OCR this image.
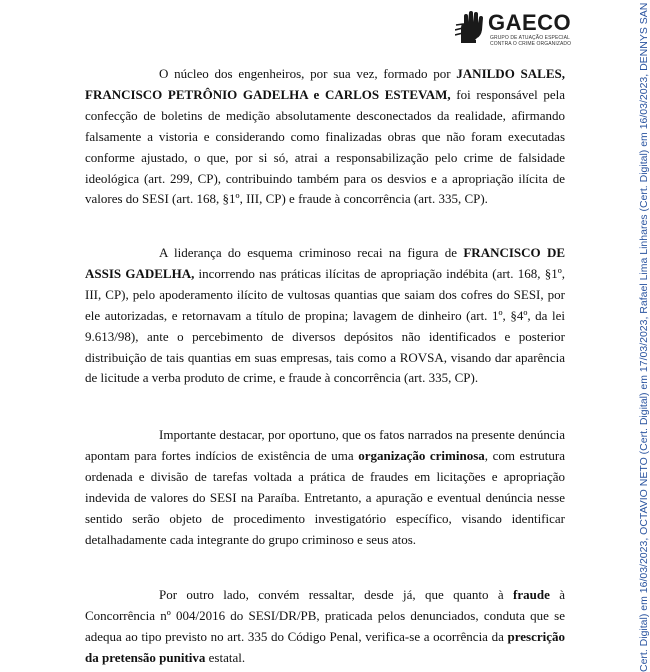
GAECO
GRUPO DE ATUAÇÃO ESPECIAL
CONTRA O CRIME ORGANIZADO

O núcleo dos engenheiros, por sua vez, formado por JANILDO SALES, FRANCISCO PETRÔNIO GADELHA e CARLOS ESTEVAM, foi responsável pela confecção de boletins de medição absolutamente desconectados da realidade, afirmando falsamente a vistoria e considerando como finalizadas obras que não foram executadas conforme ajustado, o que, por si só, atrai a responsabilização pelo crime de falsidade ideológica (art. 299, CP), contribuindo também para os desvios e a apropriação ilícita de valores do SESI (art. 168, §1º, III, CP) e fraude à concorrência (art. 335, CP).

A liderança do esquema criminoso recai na figura de FRANCISCO DE ASSIS GADELHA, incorrendo nas práticas ilícitas de apropriação indébita (art. 168, §1º, III, CP), pelo apoderamento ilícito de vultosas quantias que saiam dos cofres do SESI, por ele autorizadas, e retornavam a título de propina; lavagem de dinheiro (art. 1º, §4º, da lei 9.613/98), ante o percebimento de diversos depósitos não identificados e posterior distribuição de tais quantias em suas empresas, tais como a ROVSA, visando dar aparência de licitude a verba produto de crime, e fraude à concorrência (art. 335, CP).

Importante destacar, por oportuno, que os fatos narrados na presente denúncia apontam para fortes indícios de existência de uma organização criminosa, com estrutura ordenada e divisão de tarefas voltada a prática de fraudes em licitações e apropriação indevida de valores do SESI na Paraíba. Entretanto, a apuração e eventual denúncia nesse sentido serão objeto de procedimento investigatório específico, visando identificar detalhadamente cada integrante do grupo criminoso e seus atos.

Por outro lado, convém ressaltar, desde já, que quanto à fraude à Concorrência nº 004/2016 do SESI/DR/PB, praticada pelos denunciados, conduta que se adequa ao tipo previsto no art. 335 do Código Penal, verifica-se a ocorrência da prescrição da pretensão punitiva estatal.	Cert. Digital) em 16/03/2023, OCTAVIO NETO (Cert. Digital) em 17/03/2023, Rafael Lima Linhares (Cert. Digital) em 16/03/2023, DENNYS SAN
